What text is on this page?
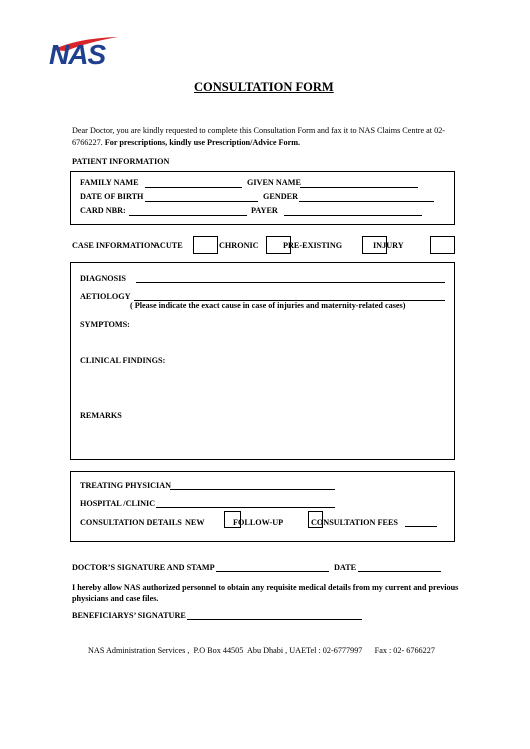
NAS
CONSULTATION FORM
Dear Doctor, you are kindly requested to complete this Consultation Form and fax it to NAS Claims Centre at 02-
6766227. For prescriptions, kindly use Prescription/Advice Form.
PATIENT INFORMATION
FAMILY NAME	GIVEN NAME
DATE OF BIRTH	GENDER
CARD NBR:	PAYER
CASE INFORMATION
ACUTE	CHRONIC	PRE-EXISTING	INJURY
DIAGNOSIS
AETIOLOGY
( Please indicate the exact cause in case of injuries and maternity-related cases)
SYMPTOMS:
CLINICAL FINDINGS:
REMARKS
TREATING PHYSICIAN
HOSPITAL /CLINIC
CONSULTATION DETAILS NEW	FOLLOW-UP	CONSULTATION FEES
DOCTOR’S SIGNATURE AND STAMP	DATE
I hereby allow NAS authorized personnel to obtain any requisite medical details from my current and previous
physicians and case files.
BENEFICIARYS’ SIGNATURE
NAS Administration Services ,  P.O Box 44505  Abu Dhabi , UAETel : 02-6777997      Fax : 02- 6766227
